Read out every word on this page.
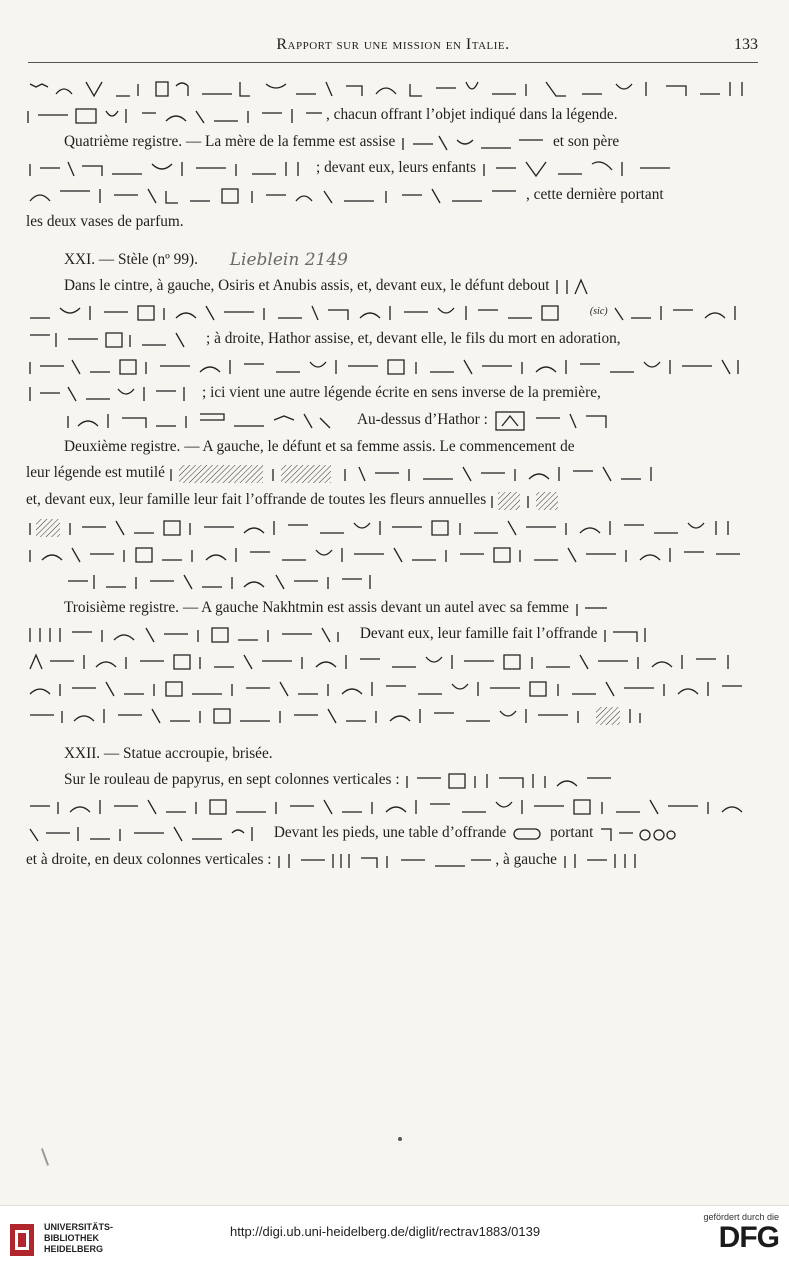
Rapport sur une mission en Italie.	133
, chacun offrant l’objet indiqué dans la légende.
Quatrième registre. — La mère de la femme est assise	et son père
; devant eux, leurs enfants
, cette dernière portant
les deux vases de parfum.
XXI. — Stèle (nº 99). Lieblein 2149
Dans le cintre, à gauche, Osiris et Anubis assis, et, devant eux, le défunt debout
$^{(sic)}$
; à droite, Hathor assise, et, devant elle, le fils du mort en adoration,
; ici vient une autre légende écrite en sens inverse de la première,
Au-dessus d’Hathor :
Deuxième registre. — A gauche, le défunt et sa femme assis. Le commencement de
leur légende est mutilé
et, devant eux, leur famille leur fait l’offrande de toutes les fleurs annuelles
Troisième registre. — A gauche Nakhtmin est assis devant un autel avec sa femme
Devant eux, leur famille fait l’offrande
XXII. — Statue accroupie, brisée.
Sur le rouleau de papyrus, en sept colonnes verticales :
Devant les pieds, une table d’offrande	portant
et à droite, en deux colonnes verticales :	, à gauche
UNIVERSITÄTS-
BIBLIOTHEK
HEIDELBERG
http://digi.ub.uni-heidelberg.de/diglit/rectrav1883/0139
gefördert durch die
DFG
